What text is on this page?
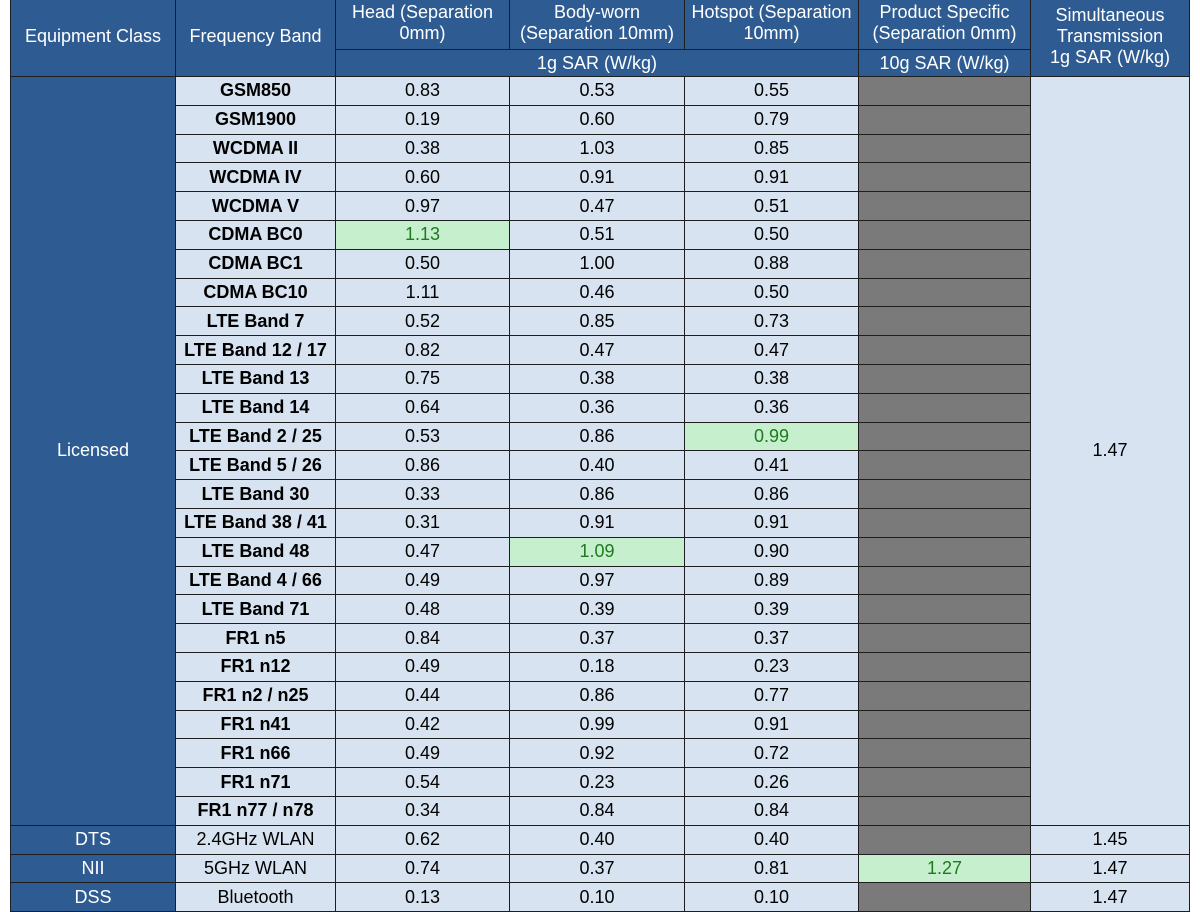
Equipment Class	Frequency Band	Head (Separation 0mm)	Body-worn (Separation 10mm)	Hotspot (Separation 10mm)	Product Specific (Separation 0mm)	Simultaneous Transmission
1g SAR (W/kg)

		1g SAR (W/kg)			10g SAR (W/kg)	
Licensed	GSM850	0.83	0.53	0.55		1.47
	GSM1900	0.19	0.60	0.79		
	WCDMA II	0.38	1.03	0.85		
	WCDMA IV	0.60	0.91	0.91		
	WCDMA V	0.97	0.47	0.51		
	CDMA BC0	1.13	0.51	0.50		
	CDMA BC1	0.50	1.00	0.88		
	CDMA BC10	1.11	0.46	0.50		
	LTE Band 7	0.52	0.85	0.73		
	LTE Band 12 / 17	0.82	0.47	0.47		
	LTE Band 13	0.75	0.38	0.38		
	LTE Band 14	0.64	0.36	0.36		
	LTE Band 2 / 25	0.53	0.86	0.99		
	LTE Band 5 / 26	0.86	0.40	0.41		
	LTE Band 30	0.33	0.86	0.86		
	LTE Band 38 / 41	0.31	0.91	0.91		
	LTE Band 48	0.47	1.09	0.90		
	LTE Band 4 / 66	0.49	0.97	0.89		
	LTE Band 71	0.48	0.39	0.39		
	FR1 n5	0.84	0.37	0.37		
	FR1 n12	0.49	0.18	0.23		
	FR1 n2 / n25	0.44	0.86	0.77		
	FR1 n41	0.42	0.99	0.91		
	FR1 n66	0.49	0.92	0.72		
	FR1 n71	0.54	0.23	0.26		
	FR1 n77 / n78	0.34	0.84	0.84		
DTS	2.4GHz WLAN	0.62	0.40	0.40		1.45
NII	5GHz WLAN	0.74	0.37	0.81	1.27	1.47
DSS	Bluetooth	0.13	0.10	0.10		1.47
